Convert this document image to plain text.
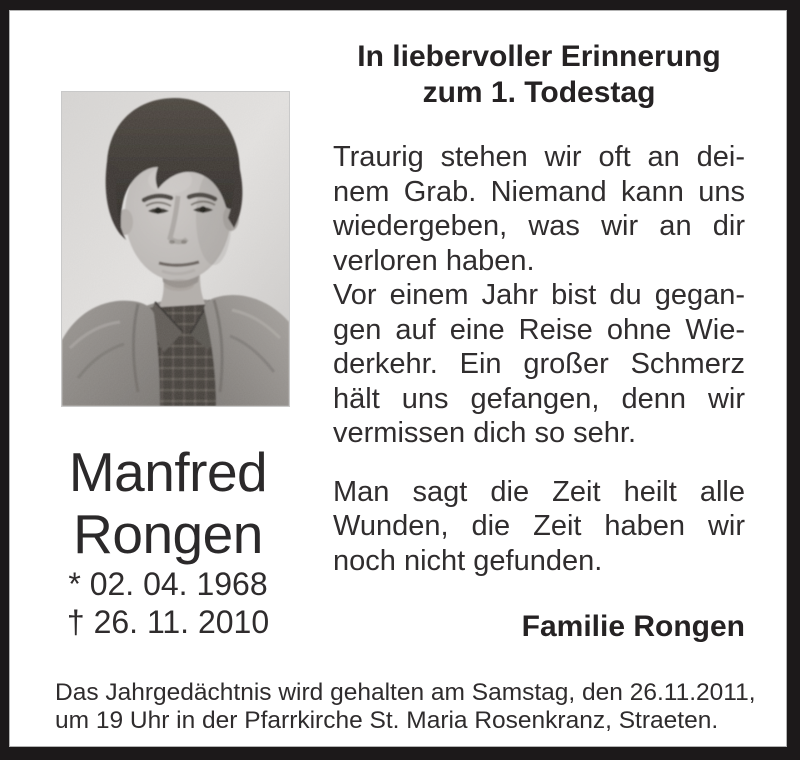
In liebervoller Erinnerung
zum 1. Todestag
Traurig stehen wir oft an dei-
nem Grab. Niemand kann uns
wiedergeben, was wir an dir
verloren haben.
Vor einem Jahr bist du gegan-
gen auf eine Reise ohne Wie-
derkehr. Ein großer Schmerz
hält uns gefangen, denn wir
vermissen dich so sehr.
Man sagt die Zeit heilt alle
Wunden, die Zeit haben wir
noch nicht gefunden.
Familie Rongen
Manfred
Rongen
* 02. 04. 1968
† 26. 11. 2010
Das Jahrgedächtnis wird gehalten am Samstag, den 26.11.2011,
um 19 Uhr in der Pfarrkirche St. Maria Rosenkranz, Straeten.
